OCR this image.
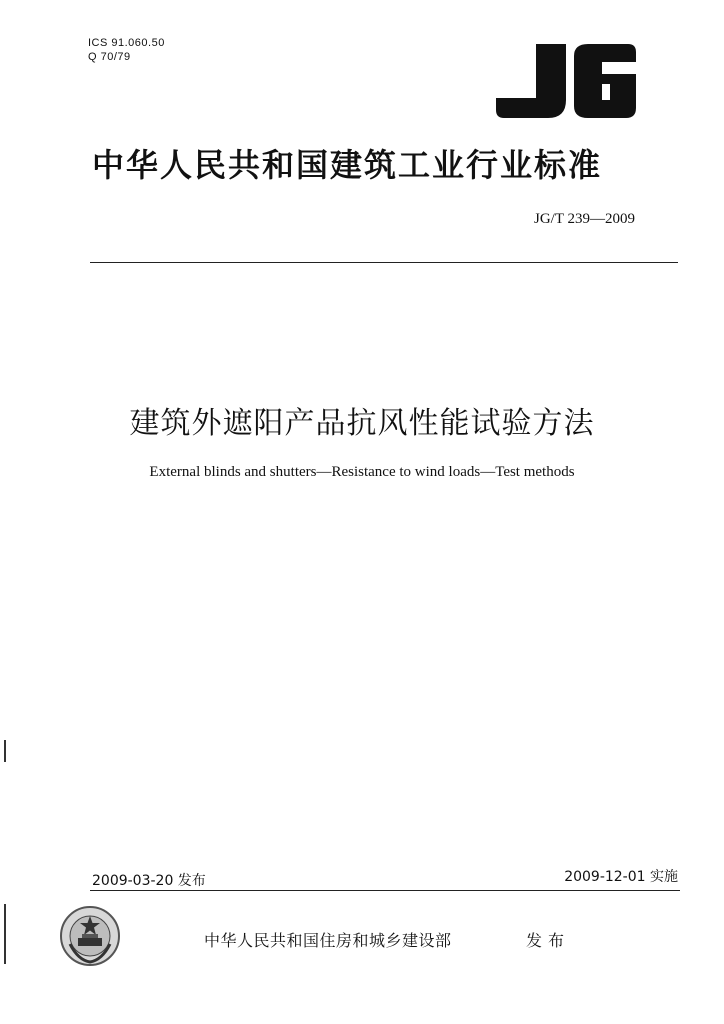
ICS 91.060.50
Q 70/79
中华人民共和国建筑工业行业标准
JG/T 239—2009
建筑外遮阳产品抗风性能试验方法
External blinds and shutters—Resistance to wind loads—Test methods
2009-03-20 发布	2009-12-01 实施
中华人民共和国住房和城乡建设部	发布
